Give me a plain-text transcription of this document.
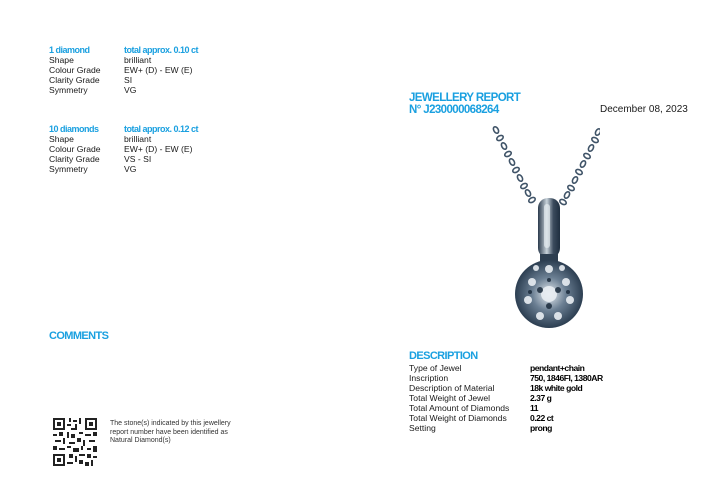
1 diamond	total approx. 0.10 ct
Shape	brilliant
Colour Grade	EW+ (D) - EW (E)
Clarity Grade	SI
Symmetry	VG
10 diamonds	total approx. 0.12 ct
Shape	brilliant
Colour Grade	EW+ (D) - EW (E)
Clarity Grade	VS - SI
Symmetry	VG
JEWELLERY REPORT
N° J230000068264	December 08, 2023
COMMENTS
The stone(s) indicated by this jewellery report number have been identified as Natural Diamond(s)
DESCRIPTION
Type of Jewel	pendant+chain
Inscription	750, 1846FI, 1380AR
Description of Material	18k white gold
Total Weight of Jewel	2.37 g
Total Amount of Diamonds 11
Total Weight of Diamonds	0.22 ct
Setting	prong
